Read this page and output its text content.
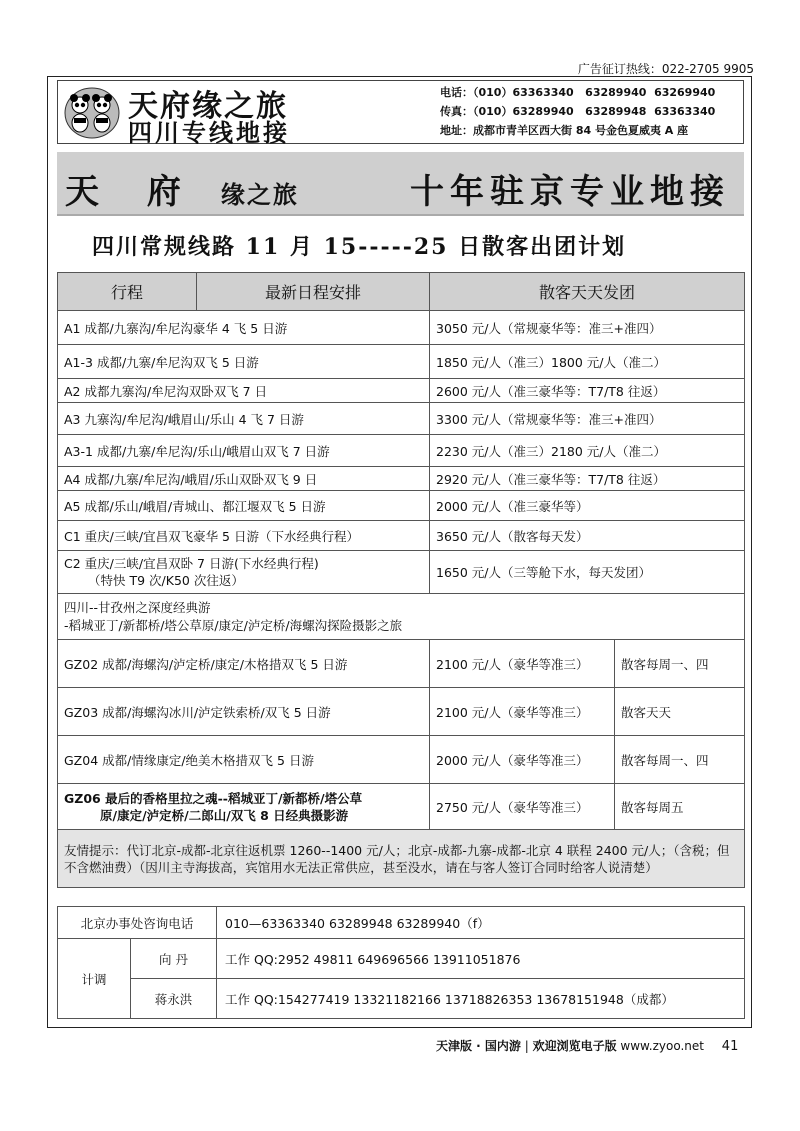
广告征订热线：022-2705 9905
天府缘之旅
四川专线地接
电话：（010）63363340   63289940  63269940
传真：（010）63289940   63289948  63363340
地址：成都市青羊区西大街 84 号金色夏威夷 A 座
天 府 缘之旅	十年驻京专业地接
四川常规线路 11 月 15-----25 日散客出团计划
行程	最新日程安排	散客天天发团	
A1 成都/九寨沟/牟尼沟豪华 4 飞 5 日游		3050 元/人（常规豪华等：准三+准四）	
A1-3 成都/九寨/牟尼沟双飞 5 日游		1850 元/人（准三）1800 元/人（准二）	
A2 成都九寨沟/牟尼沟双卧双飞 7 日		2600 元/人（准三豪华等：T7/T8 往返）	
A3 九寨沟/牟尼沟/峨眉山/乐山 4 飞 7 日游		3300 元/人（常规豪华等：准三+准四）	
A3-1 成都/九寨/牟尼沟/乐山/峨眉山双飞 7 日游		2230 元/人（准三）2180 元/人（准二）	
A4 成都/九寨/牟尼沟/峨眉/乐山双卧双飞 9 日		2920 元/人（准三豪华等：T7/T8 往返）	
A5 成都/乐山/峨眉/青城山、都江堰双飞 5 日游		2000 元/人（准三豪华等）	
C1 重庆/三峡/宜昌双飞豪华 5 日游（下水经典行程）		3650 元/人（散客每天发）	

C2 重庆/三峡/宜昌双卧 7 日游(下水经典行程)
（特快 T9 次/K50 次往返）		1650 元/人（三等舱下水，每天发团）	

四川--甘孜州之深度经典游
-稻城亚丁/新都桥/塔公草原/康定/泸定桥/海螺沟探险摄影之旅			

GZ02 成都/海螺沟/泸定桥/康定/木格措双飞 5 日游		2100 元/人（豪华等准三）	散客每周一、四
GZ03 成都/海螺沟冰川/泸定铁索桥/双飞 5 日游		2100 元/人（豪华等准三）	散客天天
GZ04 成都/情缘康定/绝美木格措双飞 5 日游		2000 元/人（豪华等准三）	散客每周一、四

GZ06 最后的香格里拉之魂--稻城亚丁/新都桥/塔公草
原/康定/泸定桥/二郎山/双飞 8 日经典摄影游		2750 元/人（豪华等准三）	散客每周五
友情提示：代订北京-成都-北京往返机票 1260--1400 元/人；北京-成都-九寨-成都-北京 4 联程 2400 元/人；（含税；但不含燃油费）（因川主寺海拔高，宾馆用水无法正常供应，甚至没水，请在与客人签订合同时给客人说清楚）			
北京办事处咨询电话		010—63363340 63289948 63289940（f）
计调	向 丹	工作 QQ:2952 49811 649696566 13911051876
	蒋永洪	工作 QQ:154277419 13321182166 13718826353 13678151948（成都）
天津版 · 国内游 | 欢迎浏览电子版 www.zyoo.net 41
